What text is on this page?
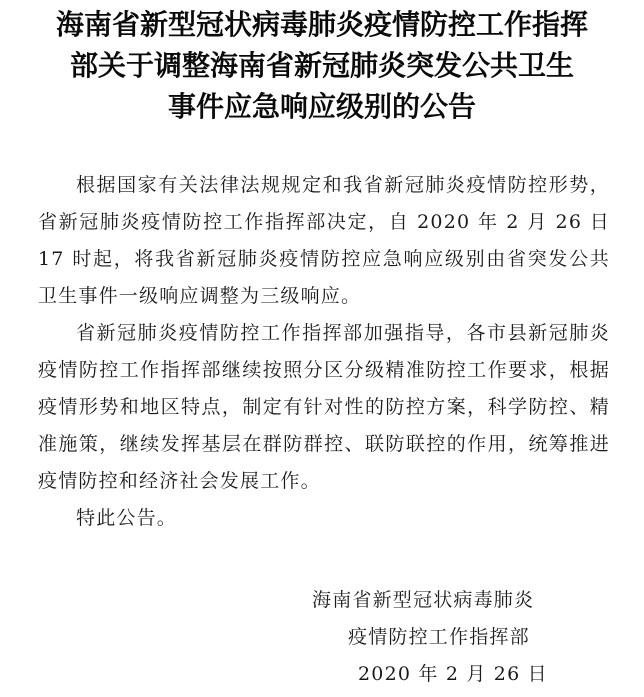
海南省新型冠状病毒肺炎疫情防控工作指挥
部关于调整海南省新冠肺炎突发公共卫生
事件应急响应级别的公告

根据国家有关法律法规规定和我省新冠肺炎疫情防控形势，省新冠肺炎疫情防控工作指挥部决定，自 2020 年 2 月 26 日 17 时起，将我省新冠肺炎疫情防控应急响应级别由省突发公共卫生事件一级响应调整为三级响应。

省新冠肺炎疫情防控工作指挥部加强指导，各市县新冠肺炎疫情防控工作指挥部继续按照分区分级精准防控工作要求，根据疫情形势和地区特点，制定有针对性的防控方案，科学防控、精准施策，继续发挥基层在群防群控、联防联控的作用，统筹推进疫情防控和经济社会发展工作。

特此公告。

海南省新型冠状病毒肺炎
疫情防控工作指挥部
2020 年 2 月 26 日
